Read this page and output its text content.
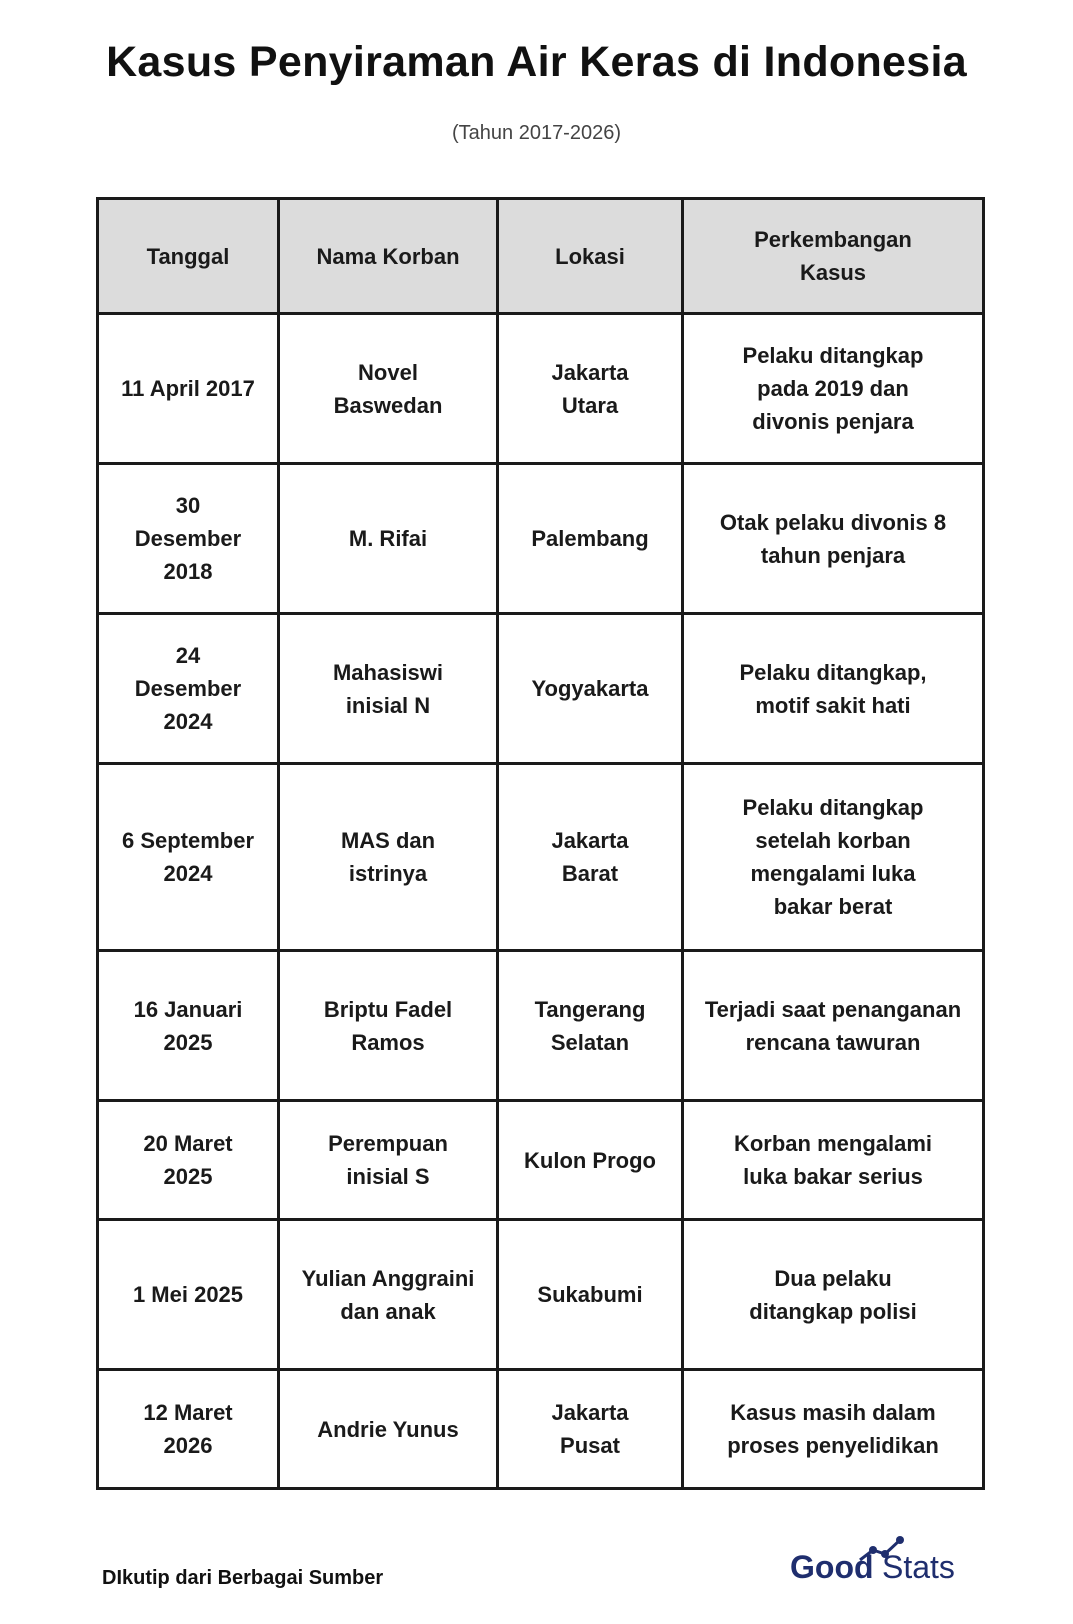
Kasus Penyiraman Air Keras di Indonesia
(Tahun 2017-2026)
Tanggal	Nama Korban	Lokasi	Perkembangan Kasus
11 April 2017	Novel Baswedan	Jakarta Utara	Pelaku ditangkap pada 2019 dan divonis penjara
30 Desember 2018	M. Rifai	Palembang	Otak pelaku divonis 8 tahun penjara
24 Desember 2024	Mahasiswi inisial N	Yogyakarta	Pelaku ditangkap, motif sakit hati
6 September 2024	MAS dan istrinya	Jakarta Barat	Pelaku ditangkap setelah korban mengalami luka bakar berat
16 Januari 2025	Briptu Fadel Ramos	Tangerang Selatan	Terjadi saat penanganan rencana tawuran
20 Maret 2025	Perempuan inisial S	Kulon Progo	Korban mengalami luka bakar serius
1 Mei 2025	Yulian Anggraini dan anak	Sukabumi	Dua pelaku ditangkap polisi
12 Maret 2026	Andrie Yunus	Jakarta Pusat	Kasus masih dalam proses penyelidikan
DIkutip dari Berbagai Sumber	Good Stats
